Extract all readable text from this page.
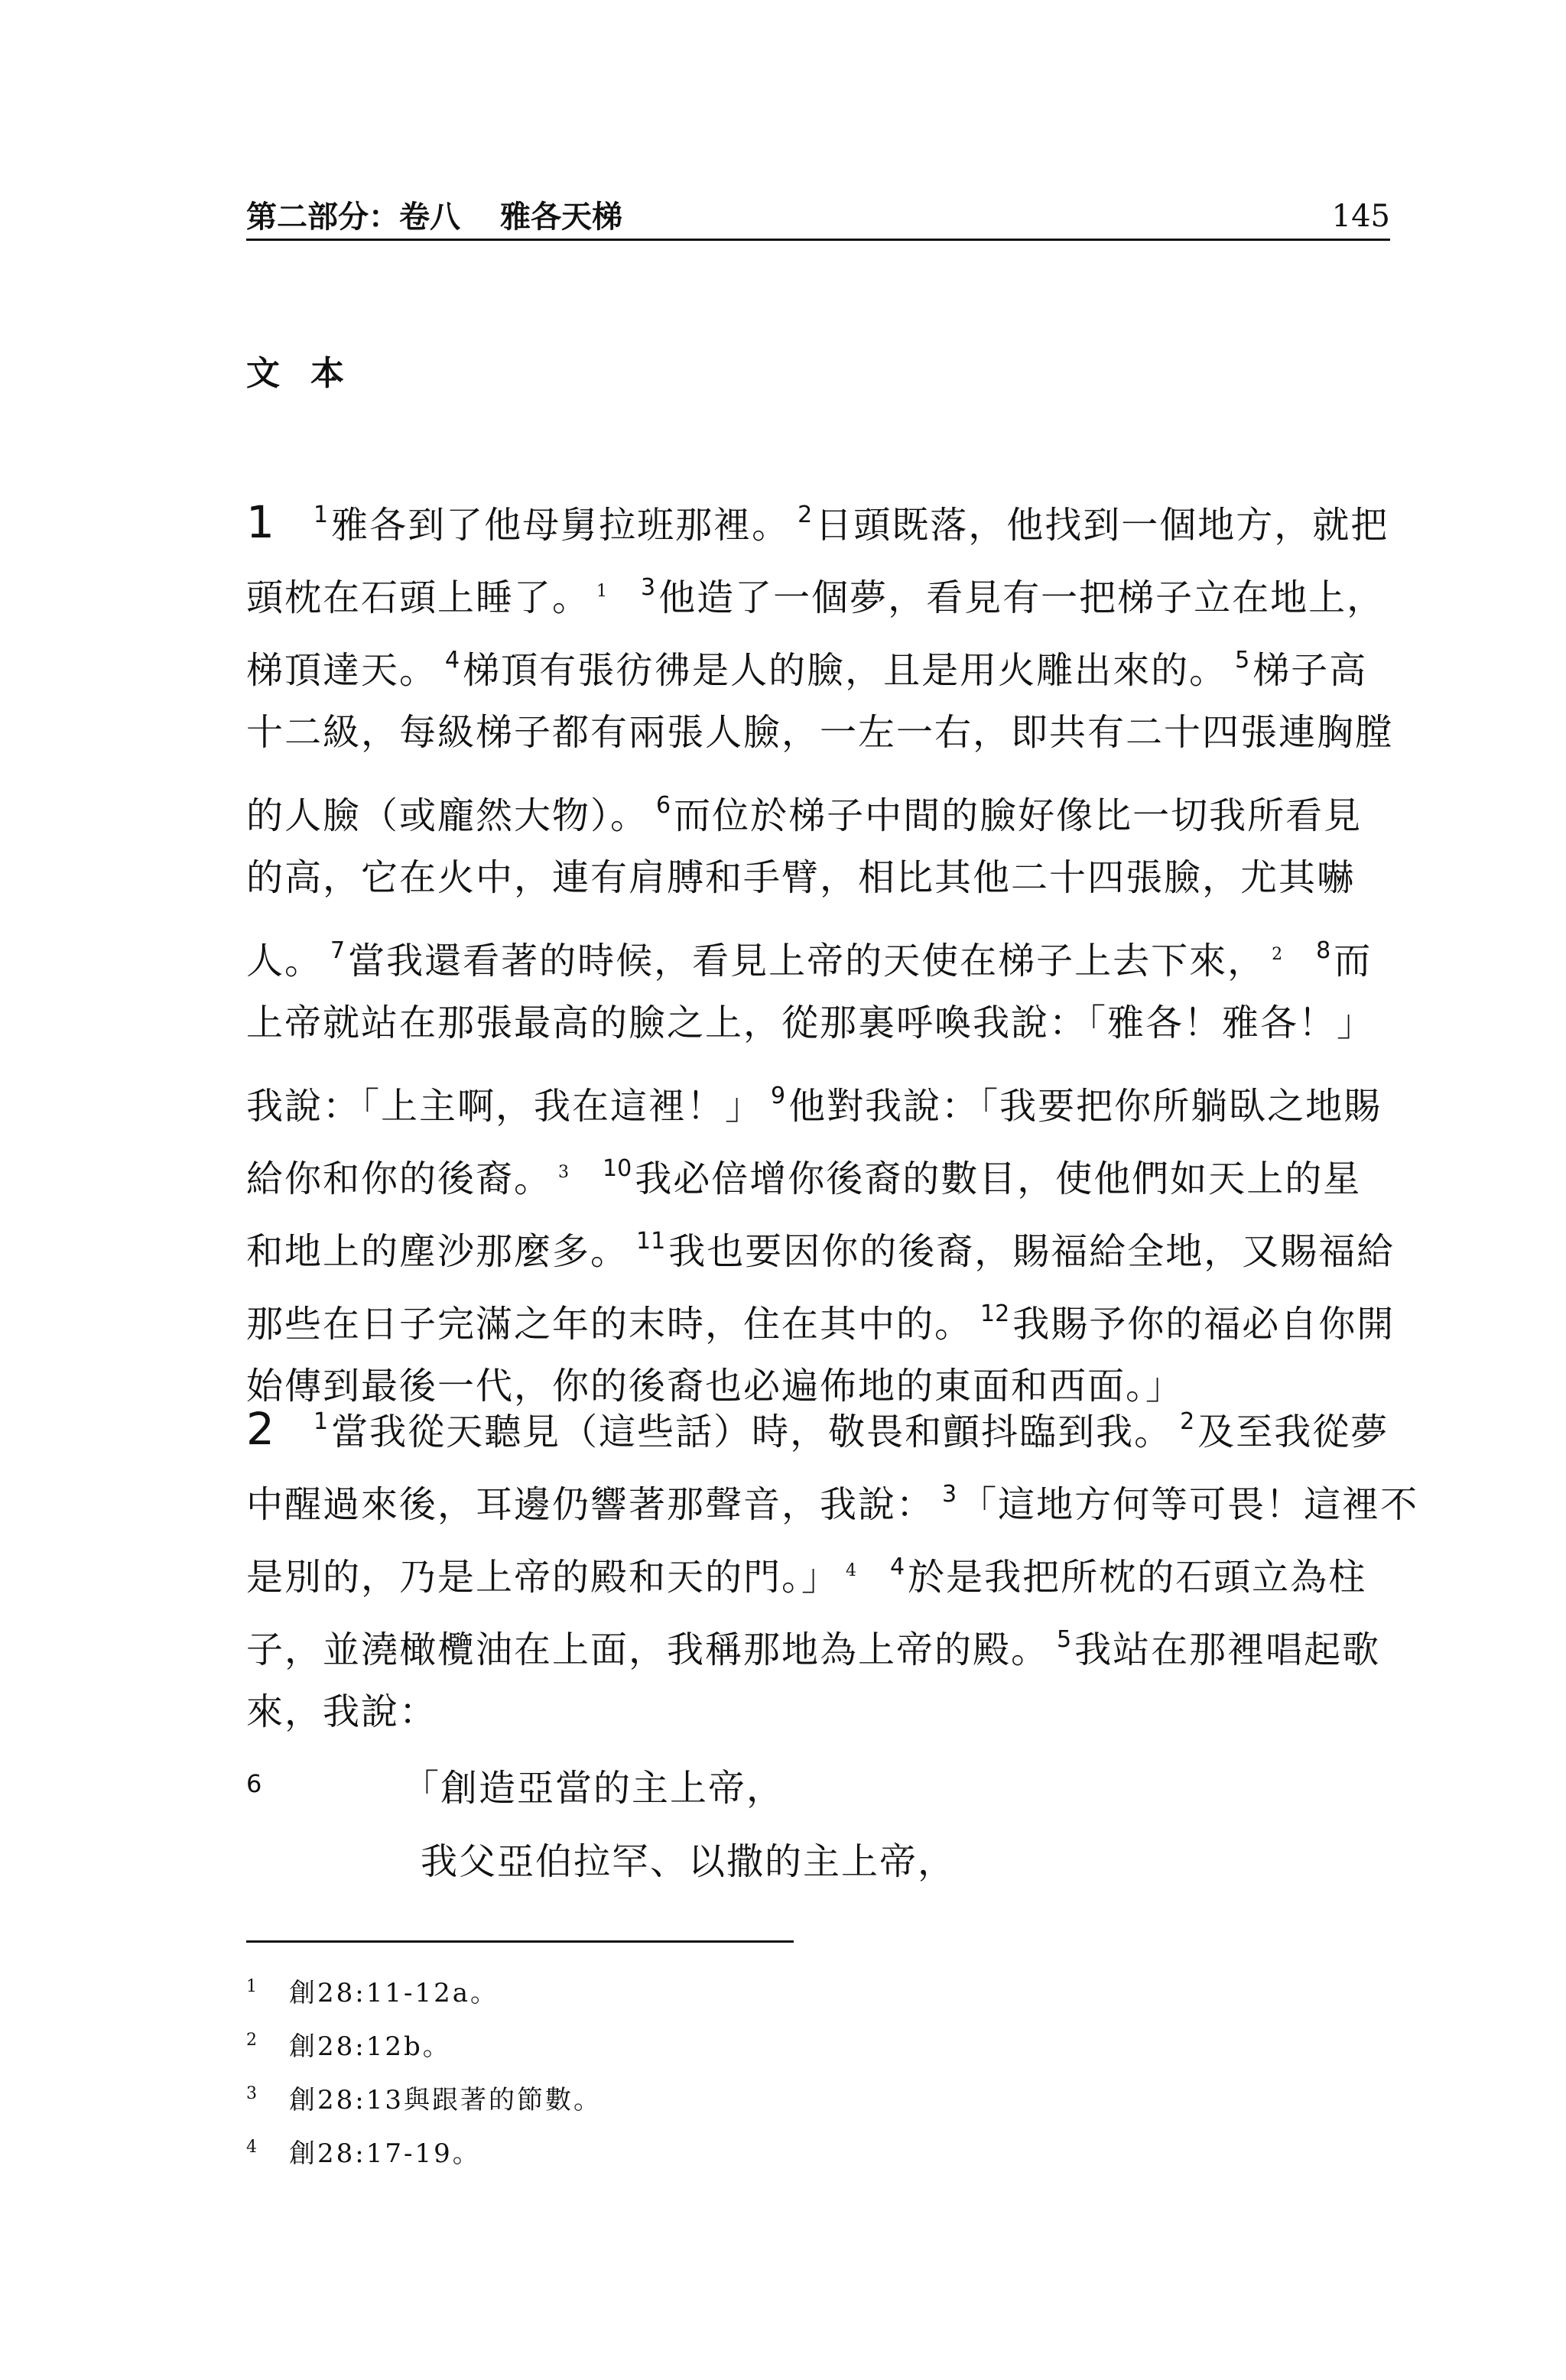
第二部分：卷八 雅各天梯	145
文本
1 $^1$雅各到了他母舅拉班那裡。 $^2$日頭既落，他找到一個地方，就把
頭枕在石頭上睡了。 $^1$ $^3$他造了一個夢，看見有一把梯子立在地上，
梯頂達天。 $^4$梯頂有張彷彿是人的臉，且是用火雕出來的。 $^5$梯子高
十二級，每級梯子都有兩張人臉，一左一右，即共有二十四張連胸膛
的人臉（或龐然大物）。 $^6$而位於梯子中間的臉好像比一切我所看見
的高，它在火中，連有肩膊和手臂，相比其他二十四張臉，尤其嚇
人。 $^7$當我還看著的時候，看見上帝的天使在梯子上去下來， $^2$ $^8$而
上帝就站在那張最高的臉之上，從那裏呼喚我說：「雅各！雅各！」
我說：「上主啊，我在這裡！」 $^9$他對我說：「我要把你所躺臥之地賜
給你和你的後裔。 $^3$ $^{10}$我必倍增你後裔的數目，使他們如天上的星
和地上的塵沙那麼多。 $^{11}$我也要因你的後裔，賜福給全地，又賜福給
那些在日子完滿之年的末時，住在其中的。 $^{12}$我賜予你的福必自你開
始傳到最後一代，你的後裔也必遍佈地的東面和西面。」
2 $^1$當我從天聽見（這些話）時，敬畏和顫抖臨到我。 $^2$及至我從夢
中醒過來後，耳邊仍響著那聲音，我說： $^3$「這地方何等可畏！這裡不
是別的，乃是上帝的殿和天的門。」 $^4$ $^4$於是我把所枕的石頭立為柱
子，並澆橄欖油在上面，我稱那地為上帝的殿。 $^5$我站在那裡唱起歌
來，我說：
6	「創造亞當的主上帝，
我父亞伯拉罕、以撒的主上帝，
1 創28:11-12a。
2 創28:12b。
3 創28:13與跟著的節數。
4 創28:17-19。
